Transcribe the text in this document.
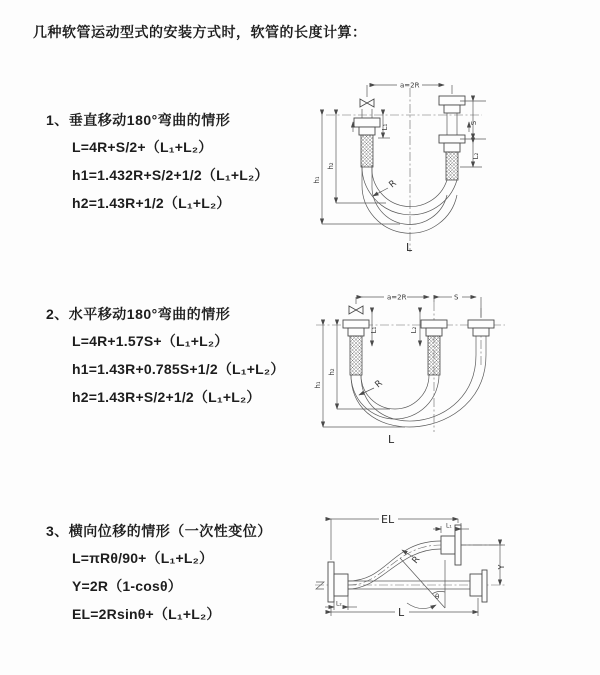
几种软管运动型式的安装方式时，软管的长度计算：
1、垂直移动180°弯曲的情形
L=4R+S/2+（L₁+L₂）
h1=1.432R+S/2+1/2（L₁+L₂）
h2=1.43R+1/2（L₁+L₂）
2、水平移动180°弯曲的情形
L=4R+1.57S+（L₁+L₂）
h1=1.43R+0.785S+1/2（L₁+L₂）
h2=1.43R+S/2+1/2（L₁+L₂）
3、横向位移的情形（一次性变位）
L=πRθ/90+（L₁+L₂）
Y=2R（1-cosθ）
EL=2Rsinθ+（L₁+L₂）
a=2R
S
L₂
L₁
h₁
h₂
R
L
a=2R	S
L₁	L₂
h₁
h₂
R
L
EL	L₁
Y
θ
R
L₂
L
